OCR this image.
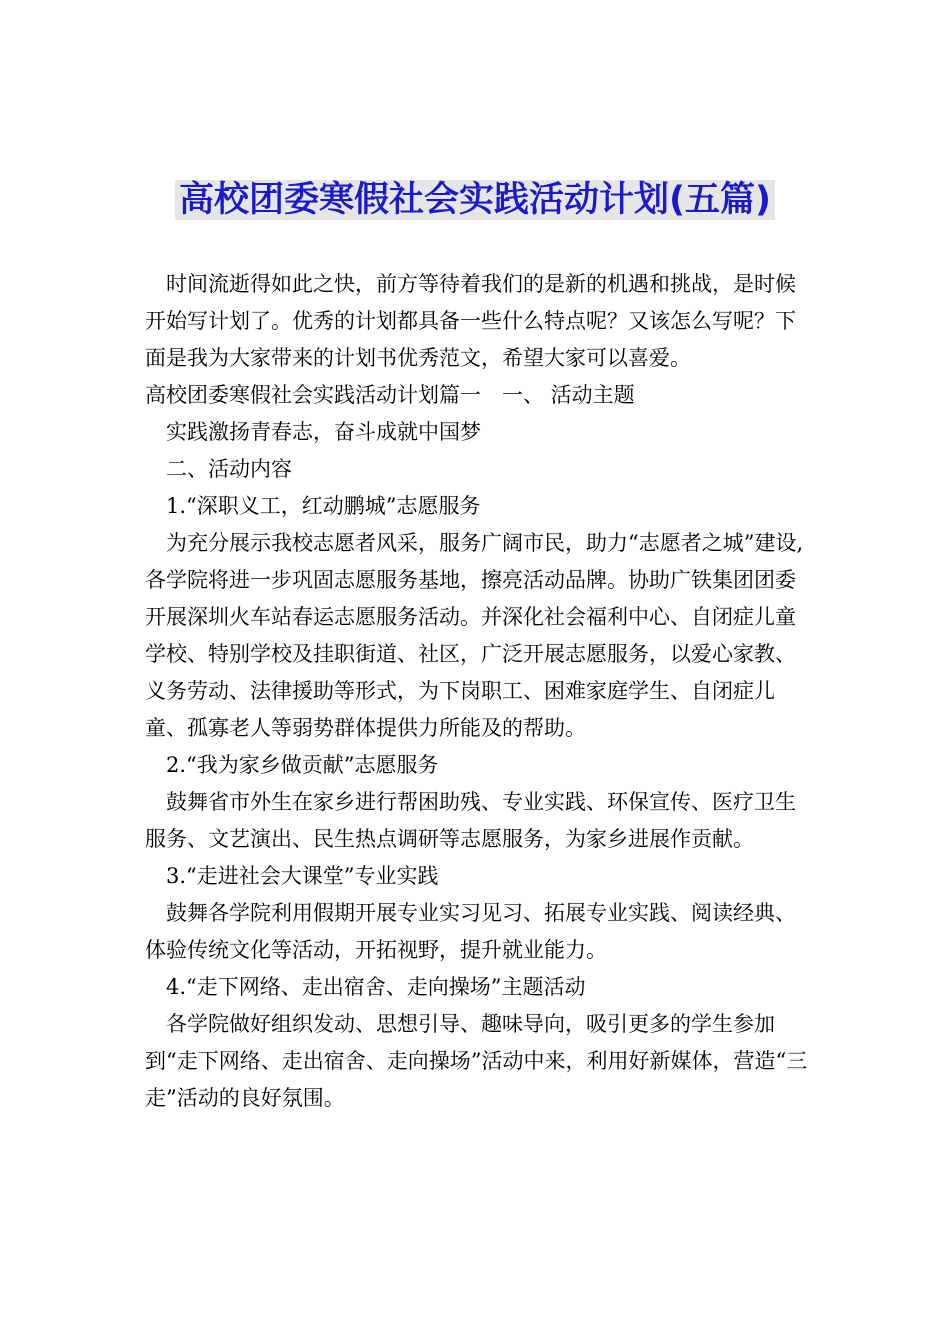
高校团委寒假社会实践活动计划(五篇)

时间流逝得如此之快，前方等待着我们的是新的机遇和挑战，是时候开始写计划了。优秀的计划都具备一些什么特点呢？又该怎么写呢？下面是我为大家带来的计划书优秀范文，希望大家可以喜爱。

高校团委寒假社会实践活动计划篇一　一、 活动主题

实践激扬青春志，奋斗成就中国梦

二、活动内容

1.“深职义工，红动鹏城”志愿服务

为充分展示我校志愿者风采，服务广阔市民，助力“志愿者之城”建设,各学院将进一步巩固志愿服务基地，擦亮活动品牌。协助广铁集团团委开展深圳火车站春运志愿服务活动。并深化社会福利中心、自闭症儿童学校、特别学校及挂职街道、社区，广泛开展志愿服务，以爱心家教、义务劳动、法律援助等形式，为下岗职工、困难家庭学生、自闭症儿童、孤寡老人等弱势群体提供力所能及的帮助。

2.“我为家乡做贡献”志愿服务

鼓舞省市外生在家乡进行帮困助残、专业实践、环保宣传、医疗卫生服务、文艺演出、民生热点调研等志愿服务，为家乡进展作贡献。

3.“走进社会大课堂”专业实践

鼓舞各学院利用假期开展专业实习见习、拓展专业实践、阅读经典、体验传统文化等活动，开拓视野，提升就业能力。

4.“走下网络、走出宿舍、走向操场”主题活动

各学院做好组织发动、思想引导、趣味导向，吸引更多的学生参加到“走下网络、走出宿舍、走向操场”活动中来，利用好新媒体，营造“三走”活动的良好氛围。
